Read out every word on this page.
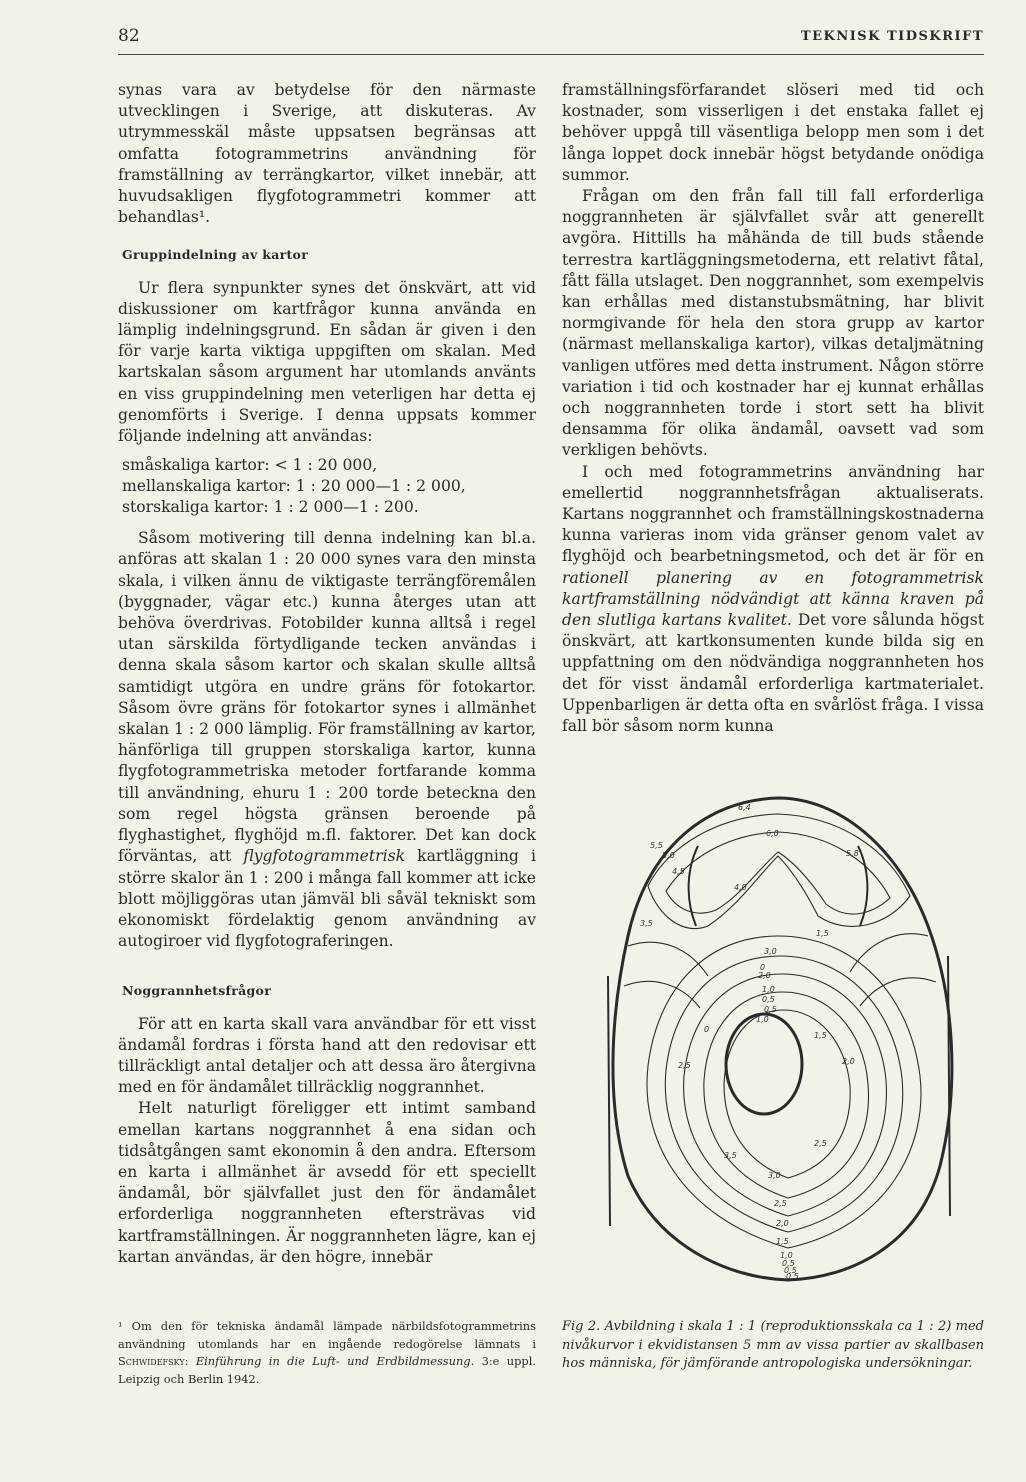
82	TEKNISK TIDSKRIFT

synas vara av betydelse för den närmaste utvecklingen i Sverige, att diskuteras. Av utrymmesskäl måste uppsatsen begränsas att omfatta fotogrammetrins användning för framställning av terrängkartor, vilket innebär, att huvudsakligen flygfotogrammetri kommer att behandlas¹.

Gruppindelning av kartor

Ur flera synpunkter synes det önskvärt, att vid diskussioner om kartfrågor kunna använda en lämplig indelningsgrund. En sådan är given i den för varje karta viktiga uppgiften om skalan. Med kartskalan såsom argument har utomlands använts en viss gruppindelning men veterligen har detta ej genomförts i Sverige. I denna uppsats kommer följande indelning att användas:

småskaliga kartor: < 1 : 20 000,
mellanskaliga kartor: 1 : 20 000—1 : 2 000,
storskaliga kartor: 1 : 2 000—1 : 200.

Såsom motivering till denna indelning kan bl.a. anföras att skalan 1 : 20 000 synes vara den minsta skala, i vilken ännu de viktigaste terrängföremålen (byggnader, vägar etc.) kunna återges utan att behöva överdrivas. Fotobilder kunna alltså i regel utan särskilda förtydligande tecken användas i denna skala såsom kartor och skalan skulle alltså samtidigt utgöra en undre gräns för fotokartor. Såsom övre gräns för fotokartor synes i allmänhet skalan 1 : 2 000 lämplig. För framställning av kartor, hänförliga till gruppen storskaliga kartor, kunna flygfotogrammetriska metoder fortfarande komma till användning, ehuru 1 : 200 torde beteckna den som regel högsta gränsen beroende på flyghastighet, flyghöjd m.fl. faktorer. Det kan dock förväntas, att flygfotogrammetrisk kartläggning i större skalor än 1 : 200 i många fall kommer att icke blott möjliggöras utan jämväl bli såväl tekniskt som ekonomiskt fördelaktig genom användning av autogiroer vid flygfotograferingen.

Noggrannhetsfrågor

För att en karta skall vara användbar för ett visst ändamål fordras i första hand att den redovisar ett tillräckligt antal detaljer och att dessa äro återgivna med en för ändamålet tillräcklig noggrannhet.

Helt naturligt föreligger ett intimt samband emellan kartans noggrannhet å ena sidan och tidsåtgången samt ekonomin å den andra. Eftersom en karta i allmänhet är avsedd för ett speciellt ändamål, bör självfallet just den för ändamålet erforderliga noggrannheten eftersträvas vid kartframställningen. Är noggrannheten lägre, kan ej kartan användas, är den högre, innebär

framställningsförfarandet slöseri med tid och kostnader, som visserligen i det enstaka fallet ej behöver uppgå till väsentliga belopp men som i det långa loppet dock innebär högst betydande onödiga summor.

Frågan om den från fall till fall erforderliga noggrannheten är självfallet svår att generellt avgöra. Hittills ha måhända de till buds stående terrestra kartläggningsmetoderna, ett relativt fåtal, fått fälla utslaget. Den noggrannhet, som exempelvis kan erhållas med distanstubsmätning, har blivit normgivande för hela den stora grupp av kartor (närmast mellanskaliga kartor), vilkas detaljmätning vanligen utföres med detta instrument. Någon större variation i tid och kostnader har ej kunnat erhållas och noggrannheten torde i stort sett ha blivit densamma för olika ändamål, oavsett vad som verkligen behövts.

I och med fotogrammetrins användning har emellertid noggrannhetsfrågan aktualiserats. Kartans noggrannhet och framställningskostnaderna kunna varieras inom vida gränser genom valet av flyghöjd och bearbetningsmetod, och det är för en rationell planering av en fotogrammetrisk kartframställning nödvändigt att känna kraven på den slutliga kartans kvalitet. Det vore sålunda högst önskvärt, att kartkonsumenten kunde bilda sig en uppfattning om den nödvändiga noggrannheten hos det för visst ändamål erforderliga kartmaterialet. Uppenbarligen är detta ofta en svårlöst fråga. I vissa fall bör såsom norm kunna

6,4
6,0
5,8
5,5
5,0
4,5
4,0
3,5
3,0
2,5
2,0
1,5
1,0
0,5
0
0,5
1,0
1,5
2,0
2,5
3,0
3,5
2,5
2,0
1,5
1,0
0,5
0,5
0,5
0
¹ Om den för tekniska ändamål lämpade närbildsfotogrammetrins användning utomlands har en ingående redogörelse lämnats i Schwidefsky: Einführung in die Luft- und Erdbildmessung. 3:e uppl. Leipzig och Berlin 1942.
Fig 2. Avbildning i skala 1 : 1 (reproduktionsskala ca 1 : 2) med nivåkurvor i ekvidistansen 5 mm av vissa partier av skallbasen hos människa, för jämförande antropologiska undersökningar.
